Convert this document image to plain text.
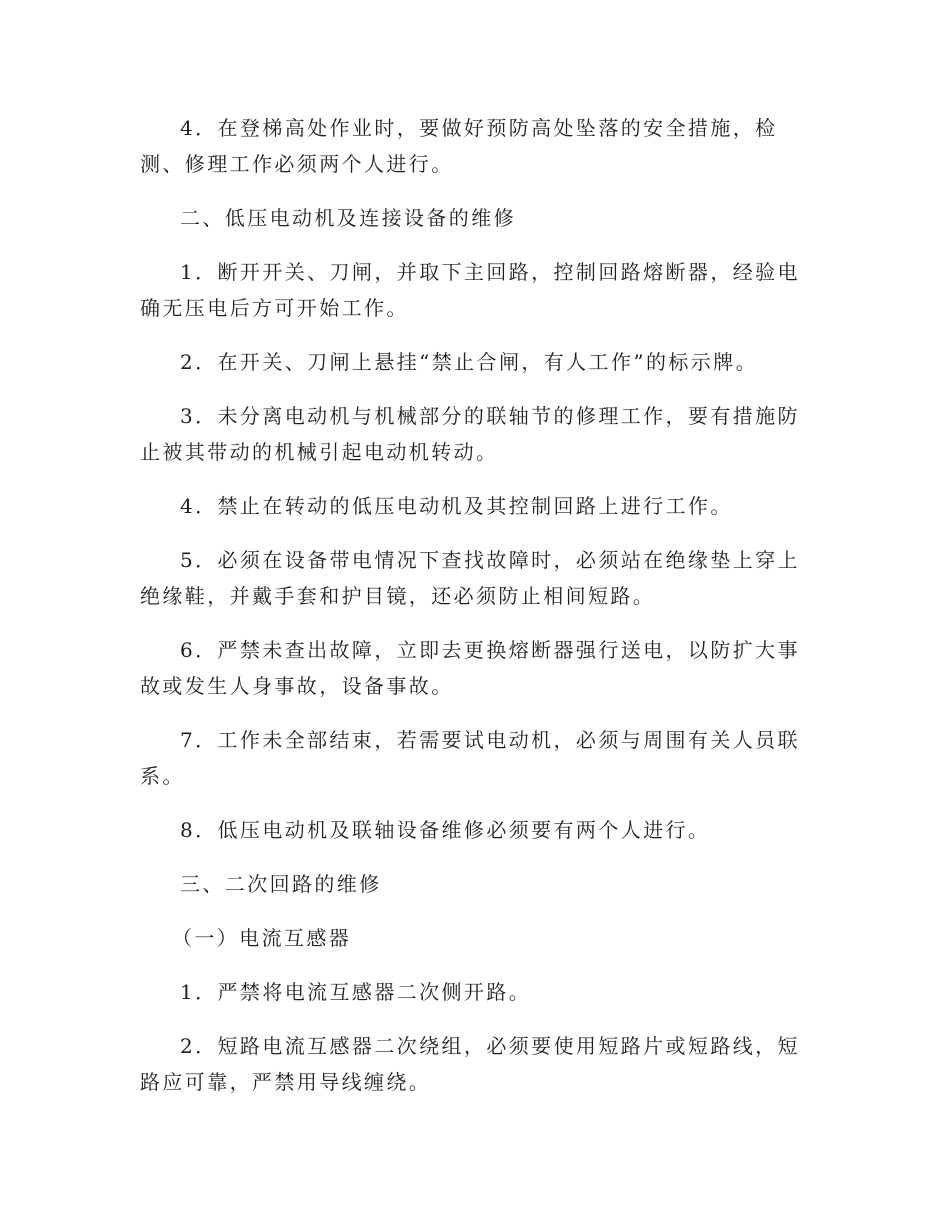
4．在登梯高处作业时，要做好预防高处坠落的安全措施，检测、修理工作必须两个人进行。

二、低压电动机及连接设备的维修

1．断开开关、刀闸，并取下主回路，控制回路熔断器，经验电确无压电后方可开始工作。

2．在开关、刀闸上悬挂“禁止合闸，有人工作”的标示牌。

3．未分离电动机与机械部分的联轴节的修理工作，要有措施防止被其带动的机械引起电动机转动。

4．禁止在转动的低压电动机及其控制回路上进行工作。

5．必须在设备带电情况下查找故障时，必须站在绝缘垫上穿上绝缘鞋，并戴手套和护目镜，还必须防止相间短路。

6．严禁未查出故障，立即去更换熔断器强行送电，以防扩大事故或发生人身事故，设备事故。

7．工作未全部结束，若需要试电动机，必须与周围有关人员联系。

8．低压电动机及联轴设备维修必须要有两个人进行。

三、二次回路的维修

（一）电流互感器

1．严禁将电流互感器二次侧开路。

2．短路电流互感器二次绕组，必须要使用短路片或短路线，短路应可靠，严禁用导线缠绕。
